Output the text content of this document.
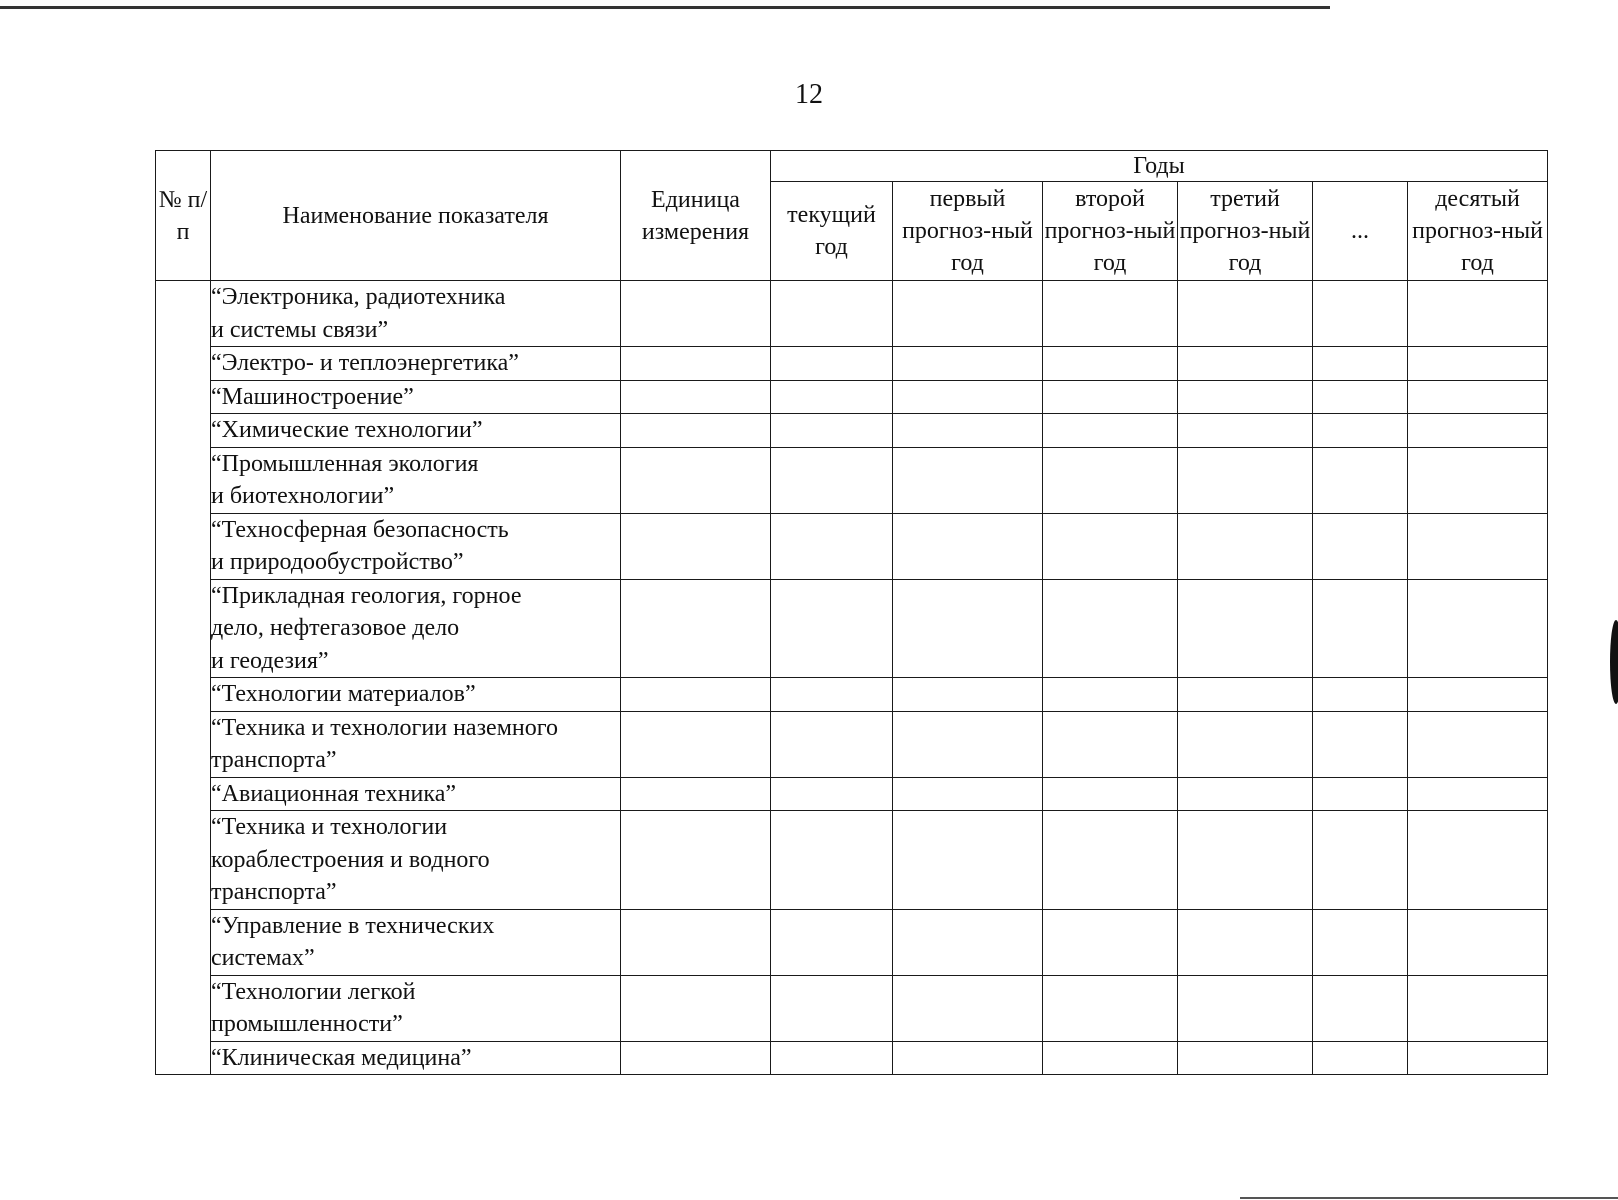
12
№ п/п	Наименование показателя	Единица измерения	Годы					
			текущий год	первый прогноз-ный год	второй прогноз-ный год	третий прогноз-ный год	...	десятый прогноз-ный год
	“Электроника, радиотехника
и системы связи”							
	“Электро- и теплоэнергетика”							
	“Машиностроение”							
	“Химические технологии”							
	“Промышленная экология
и биотехнологии”							
	“Техносферная безопасность
и природообустройство”							
	“Прикладная геология, горное
дело, нефтегазовое дело
и геодезия”							
	“Технологии материалов”							
	“Техника и технологии наземного
транспорта”							
	“Авиационная техника”							
	“Техника и технологии
кораблестроения и водного
транспорта”							
	“Управление в технических
системах”							
	“Технологии легкой
промышленности”							
	“Клиническая медицина”							
